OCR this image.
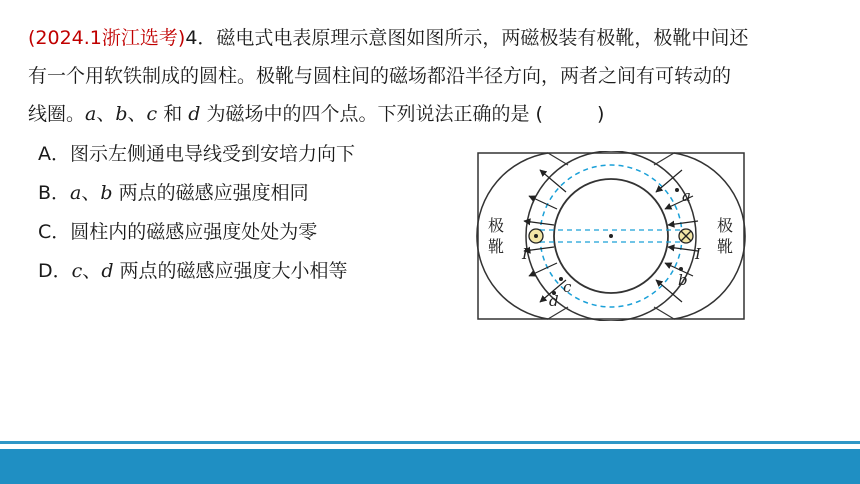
(2024.1浙江选考)4．磁电式电表原理示意图如图所示，两磁极装有极靴，极靴中间还
有一个用软铁制成的圆柱。极靴与圆柱间的磁场都沿半径方向，两者之间有可转动的
线圈。a、b、c 和 d 为磁场中的四个点。下列说法正确的是 (	)
A．图示左侧通电导线受到安培力向下
B．a、b 两点的磁感应强度相同
C．圆柱内的磁感应强度处处为零
D．c、d 两点的磁感应强度大小相等
a
b
c
d
I	I
极
靴
极
靴
